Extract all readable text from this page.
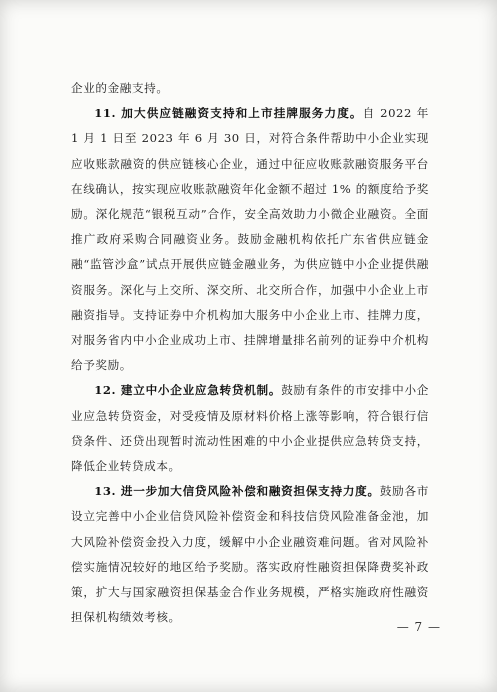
企业的金融支持。

11. 加大供应链融资支持和上市挂牌服务力度。自 2022 年 1 月 1 日至 2023 年 6 月 30 日，对符合条件帮助中小企业实现应收账款融资的供应链核心企业，通过中征应收账款融资服务平台在线确认，按实现应收账款融资年化金额不超过 1% 的额度给予奖励。深化规范“银税互动”合作，安全高效助力小微企业融资。全面推广政府采购合同融资业务。鼓励金融机构依托广东省供应链金融“监管沙盒”试点开展供应链金融业务，为供应链中小企业提供融资服务。深化与上交所、深交所、北交所合作，加强中小企业上市融资指导。支持证券中介机构加大服务中小企业上市、挂牌力度，对服务省内中小企业成功上市、挂牌增量排名前列的证券中介机构给予奖励。

12. 建立中小企业应急转贷机制。鼓励有条件的市安排中小企业应急转贷资金，对受疫情及原材料价格上涨等影响，符合银行信贷条件、还贷出现暂时流动性困难的中小企业提供应急转贷支持，降低企业转贷成本。

13. 进一步加大信贷风险补偿和融资担保支持力度。鼓励各市设立完善中小企业信贷风险补偿资金和科技信贷风险准备金池，加大风险补偿资金投入力度，缓解中小企业融资难问题。省对风险补偿实施情况较好的地区给予奖励。落实政府性融资担保降费奖补政策，扩大与国家融资担保基金合作业务规模，严格实施政府性融资担保机构绩效考核。

— 7 —
